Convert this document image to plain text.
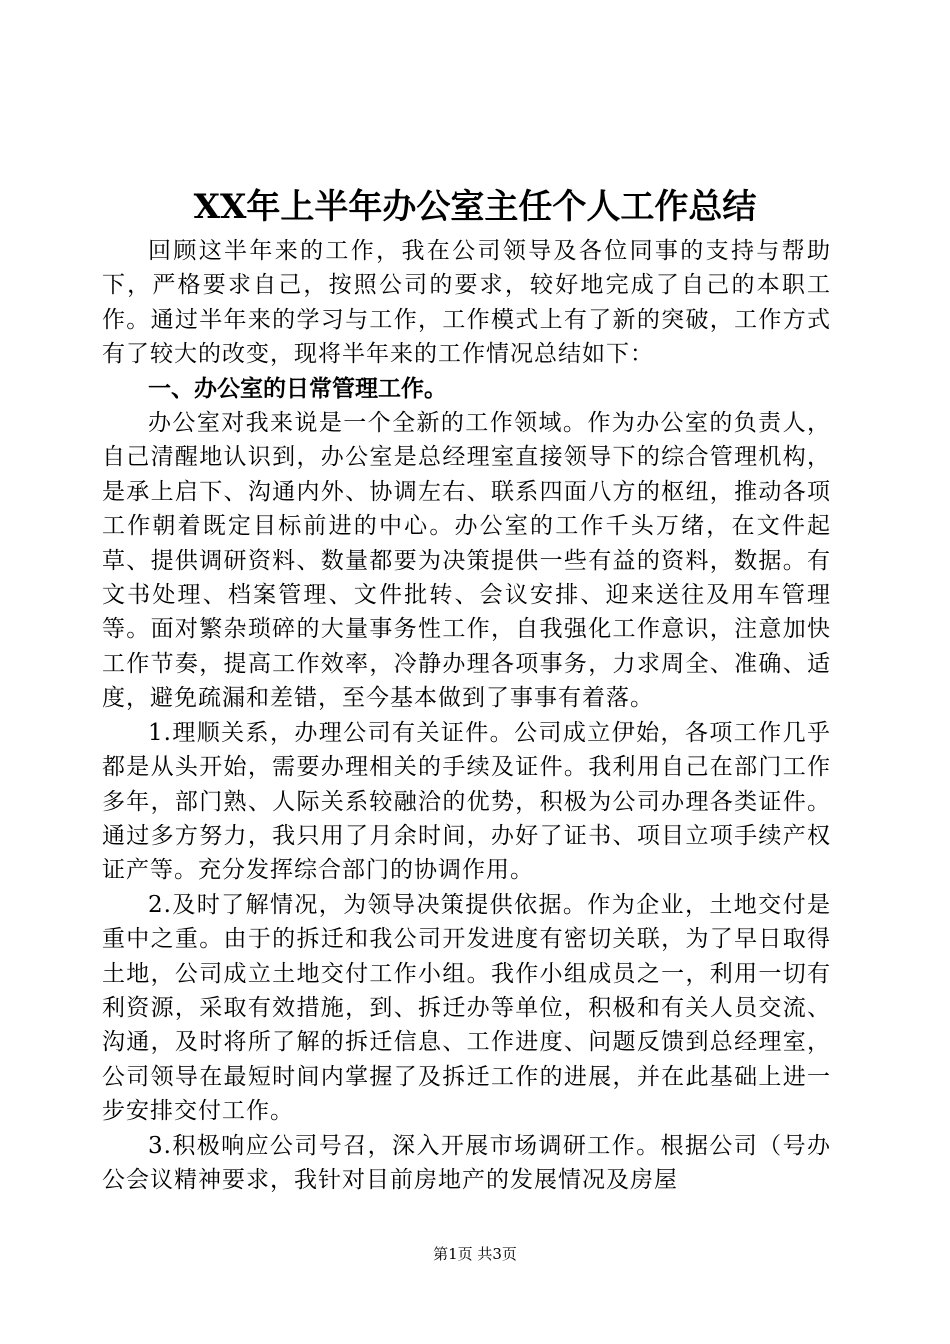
XX年上半年办公室主任个人工作总结

回顾这半年来的工作，我在公司领导及各位同事的支持与帮助下，严格要求自己，按照公司的要求，较好地完成了自己的本职工作。通过半年来的学习与工作，工作模式上有了新的突破，工作方式有了较大的改变，现将半年来的工作情况总结如下：

一、办公室的日常管理工作。

办公室对我来说是一个全新的工作领域。作为办公室的负责人，自己清醒地认识到，办公室是总经理室直接领导下的综合管理机构，是承上启下、沟通内外、协调左右、联系四面八方的枢纽，推动各项工作朝着既定目标前进的中心。办公室的工作千头万绪，在文件起草、提供调研资料、数量都要为决策提供一些有益的资料，数据。有文书处理、档案管理、文件批转、会议安排、迎来送往及用车管理等。面对繁杂琐碎的大量事务性工作，自我强化工作意识，注意加快工作节奏，提高工作效率，冷静办理各项事务，力求周全、准确、适度，避免疏漏和差错，至今基本做到了事事有着落。

1.理顺关系，办理公司有关证件。公司成立伊始，各项工作几乎都是从头开始，需要办理相关的手续及证件。我利用自己在部门工作多年，部门熟、人际关系较融洽的优势，积极为公司办理各类证件。通过多方努力，我只用了月余时间，办好了证书、项目立项手续产权证产等。充分发挥综合部门的协调作用。

2.及时了解情况，为领导决策提供依据。作为企业，土地交付是重中之重。由于的拆迁和我公司开发进度有密切关联，为了早日取得土地，公司成立土地交付工作小组。我作小组成员之一，利用一切有利资源，采取有效措施，到、拆迁办等单位，积极和有关人员交流、沟通，及时将所了解的拆迁信息、工作进度、问题反馈到总经理室，公司领导在最短时间内掌握了及拆迁工作的进展，并在此基础上进一步安排交付工作。

3.积极响应公司号召，深入开展市场调研工作。根据公司（号办公会议精神要求，我针对目前房地产的发展情况及房屋

第1页 共3页
